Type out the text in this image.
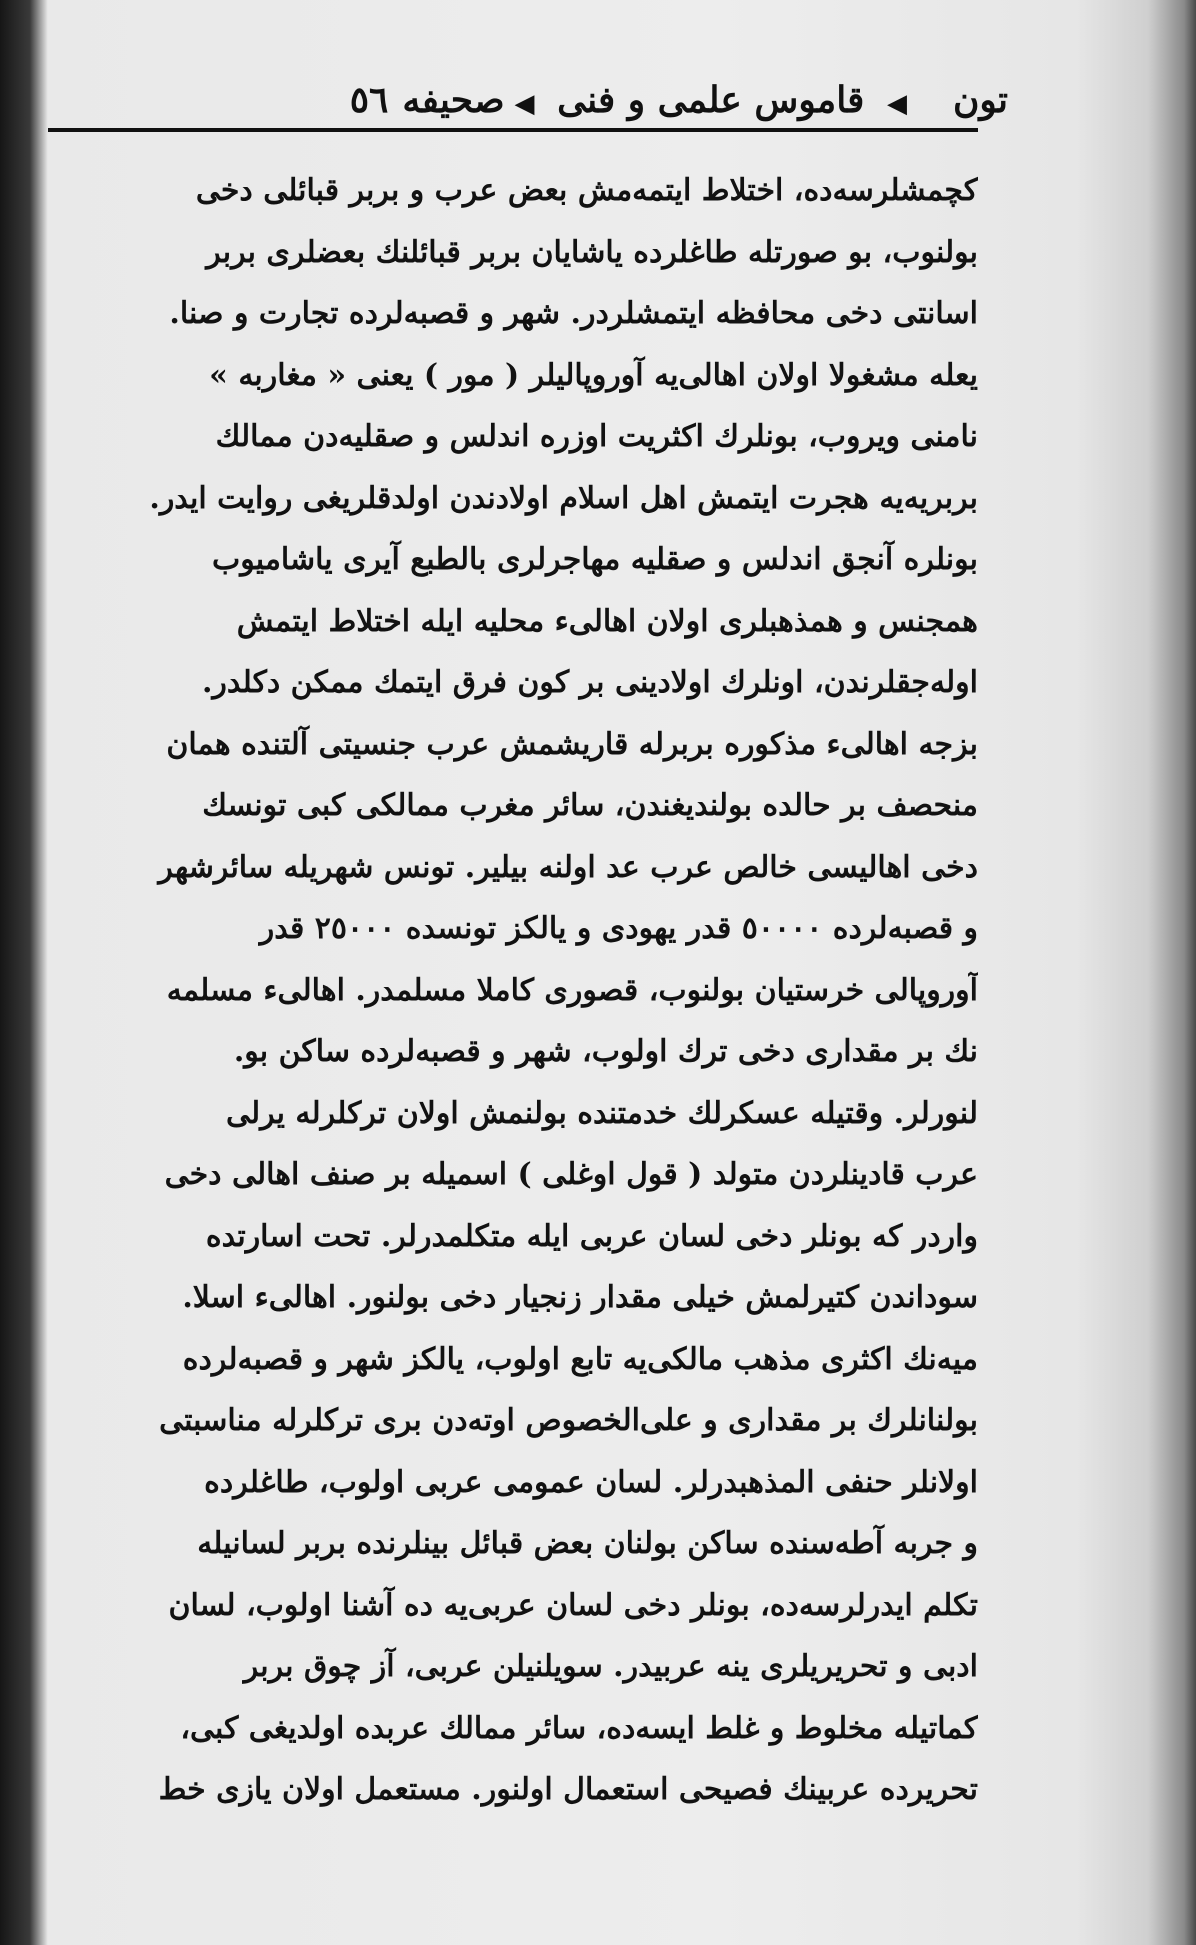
تون
◀ قاموس علمی و فنی ◀
صحیفه
٥٦
کچمشلرسەده، اختلاط ایتمەمش بعض عرب و بربر قبائلی دخی
بولنوب، بو صورتله طاغلرده یاشایان بربر قبائلنك بعضلری بربر
اسانتی دخی محافظه ایتمشلردر. شهر و قصبەلرده تجارت و صنا.
یعله مشغولا اولان اهالی‌یه آوروپالیلر ( مور ) یعنی « مغاربه »
نامنی ویروب، بونلرك اکثریت اوزره اندلس و صقلیه‌دن ممالك
بربریه‌یه هجرت ایتمش اهل اسلام اولادندن اولدقلریغی روایت ایدر.
بونلره آنجق اندلس و صقلیه مهاجرلری بالطبع آیری یاشامیوب
همجنس و همذهبلری اولان اهالیء محلیه ایله اختلاط ایتمش
اولەجقلرندن، اونلرك اولادینی بر کون فرق ایتمك ممکن دکلدر.
بزجه اهالیء مذکوره بربرله قاریشمش عرب جنسیتی آلتنده همان
منحصف بر حالده بولندیغندن، سائر مغرب ممالکی کبی تونسك
دخی اهالیسی خالص عرب عد اولنه بیلیر. تونس شهریله سائرشهر
و قصبەلرده ٥٠٠٠٠ قدر یهودی و یالکز تونسده ٢٥٠٠٠ قدر
آوروپالی خرستیان بولنوب، قصوری کاملا مسلمدر. اهالیء مسلمه
نك بر مقداری دخی ترك اولوب، شهر و قصبەلرده ساکن بو.
لنورلر. وقتیله عسکرلك خدمتنده بولنمش اولان ترکلرله یرلی
عرب قادینلردن متولد ( قول اوغلی ) اسمیله بر صنف اهالی دخی
واردر که بونلر دخی لسان عربی ایله متکلمدرلر. تحت اسارتده
سوداندن کتیرلمش خیلی مقدار زنجیار دخی بولنور. اهالیء اسلا.
میەنك اکثری مذهب مالکی‌یه تابع اولوب، یالکز شهر و قصبەلرده
بولنانلرك بر مقداری و علی‌الخصوص اوتەدن بری ترکلرله مناسبتی
اولانلر حنفی المذهبدرلر. لسان عمومی عربی اولوب، طاغلرده
و جربه آطه‌سنده ساکن بولنان بعض قبائل بینلرنده بربر لسانیله
تکلم ایدرلرسەده، بونلر دخی لسان عربی‌یه ده آشنا اولوب، لسان
ادبی و تحریریلری ینه عربیدر. سویلنیلن عربی، آز چوق بربر
کماتیله مخلوط و غلط ایسه‌ده، سائر ممالك عربده اولدیغی کبی،
تحریرده عربینك فصیحی استعمال اولنور. مستعمل اولان یازی خط
